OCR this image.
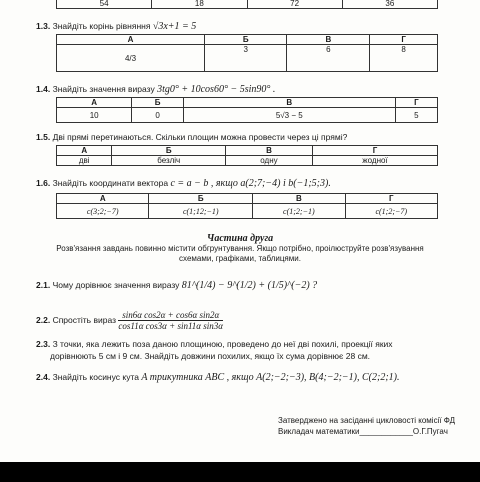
54	18	72	36
1.3. Знайдіть корінь рівняння √3x+1 = 5
А	Б	В	Г
4/3	3	6	8
1.4. Знайдіть значення виразу 3tg0° + 10cos60° − 5sin90° .
А	Б	В	Г
10	0	5√3 − 5	5
1.5. Дві прямі перетинаються. Скільки площин можна провести через ці прямі?
А	Б	В	Г
дві	безліч	одну	жодної
1.6. Знайдіть координати вектора c = a − b , якщо a(2;7;−4) і b(−1;5;3).
А	Б	В	Г
c(3;2;−7)	c(1;12;−1)	c(1;2;−1)	c(1;2;−7)
Частина друга
Розв'язання завдань повинно містити обгрунтування. Якщо потрібно, проілюструйте розв'язування схемами, графіками, таблицями.
2.1. Чому дорівнює значення виразу 81^(1/4) − 9^(1/2) + (1/5)^(−2) ?
2.2. Спростіть вираз $\frac{\text{sin6α cos2α + cos6α sin2α}}{\text{cos11α cos3α + sin11α sin3α}}$
2.3. З точки, яка лежить поза даною площиною, проведено до неї дві похилі, проекції яких
дорівнюють 5 см і 9 см. Знайдіть довжини похилих, якщо їх сума дорівнює 28 см.
2.4. Знайдіть косинус кута A трикутника ABC , якщо A(2;−2;−3), B(4;−2;−1), C(2;2;1).
Затверджено на засіданні цикловості комісії ФД
Викладач математики____________О.Г.Пугач
